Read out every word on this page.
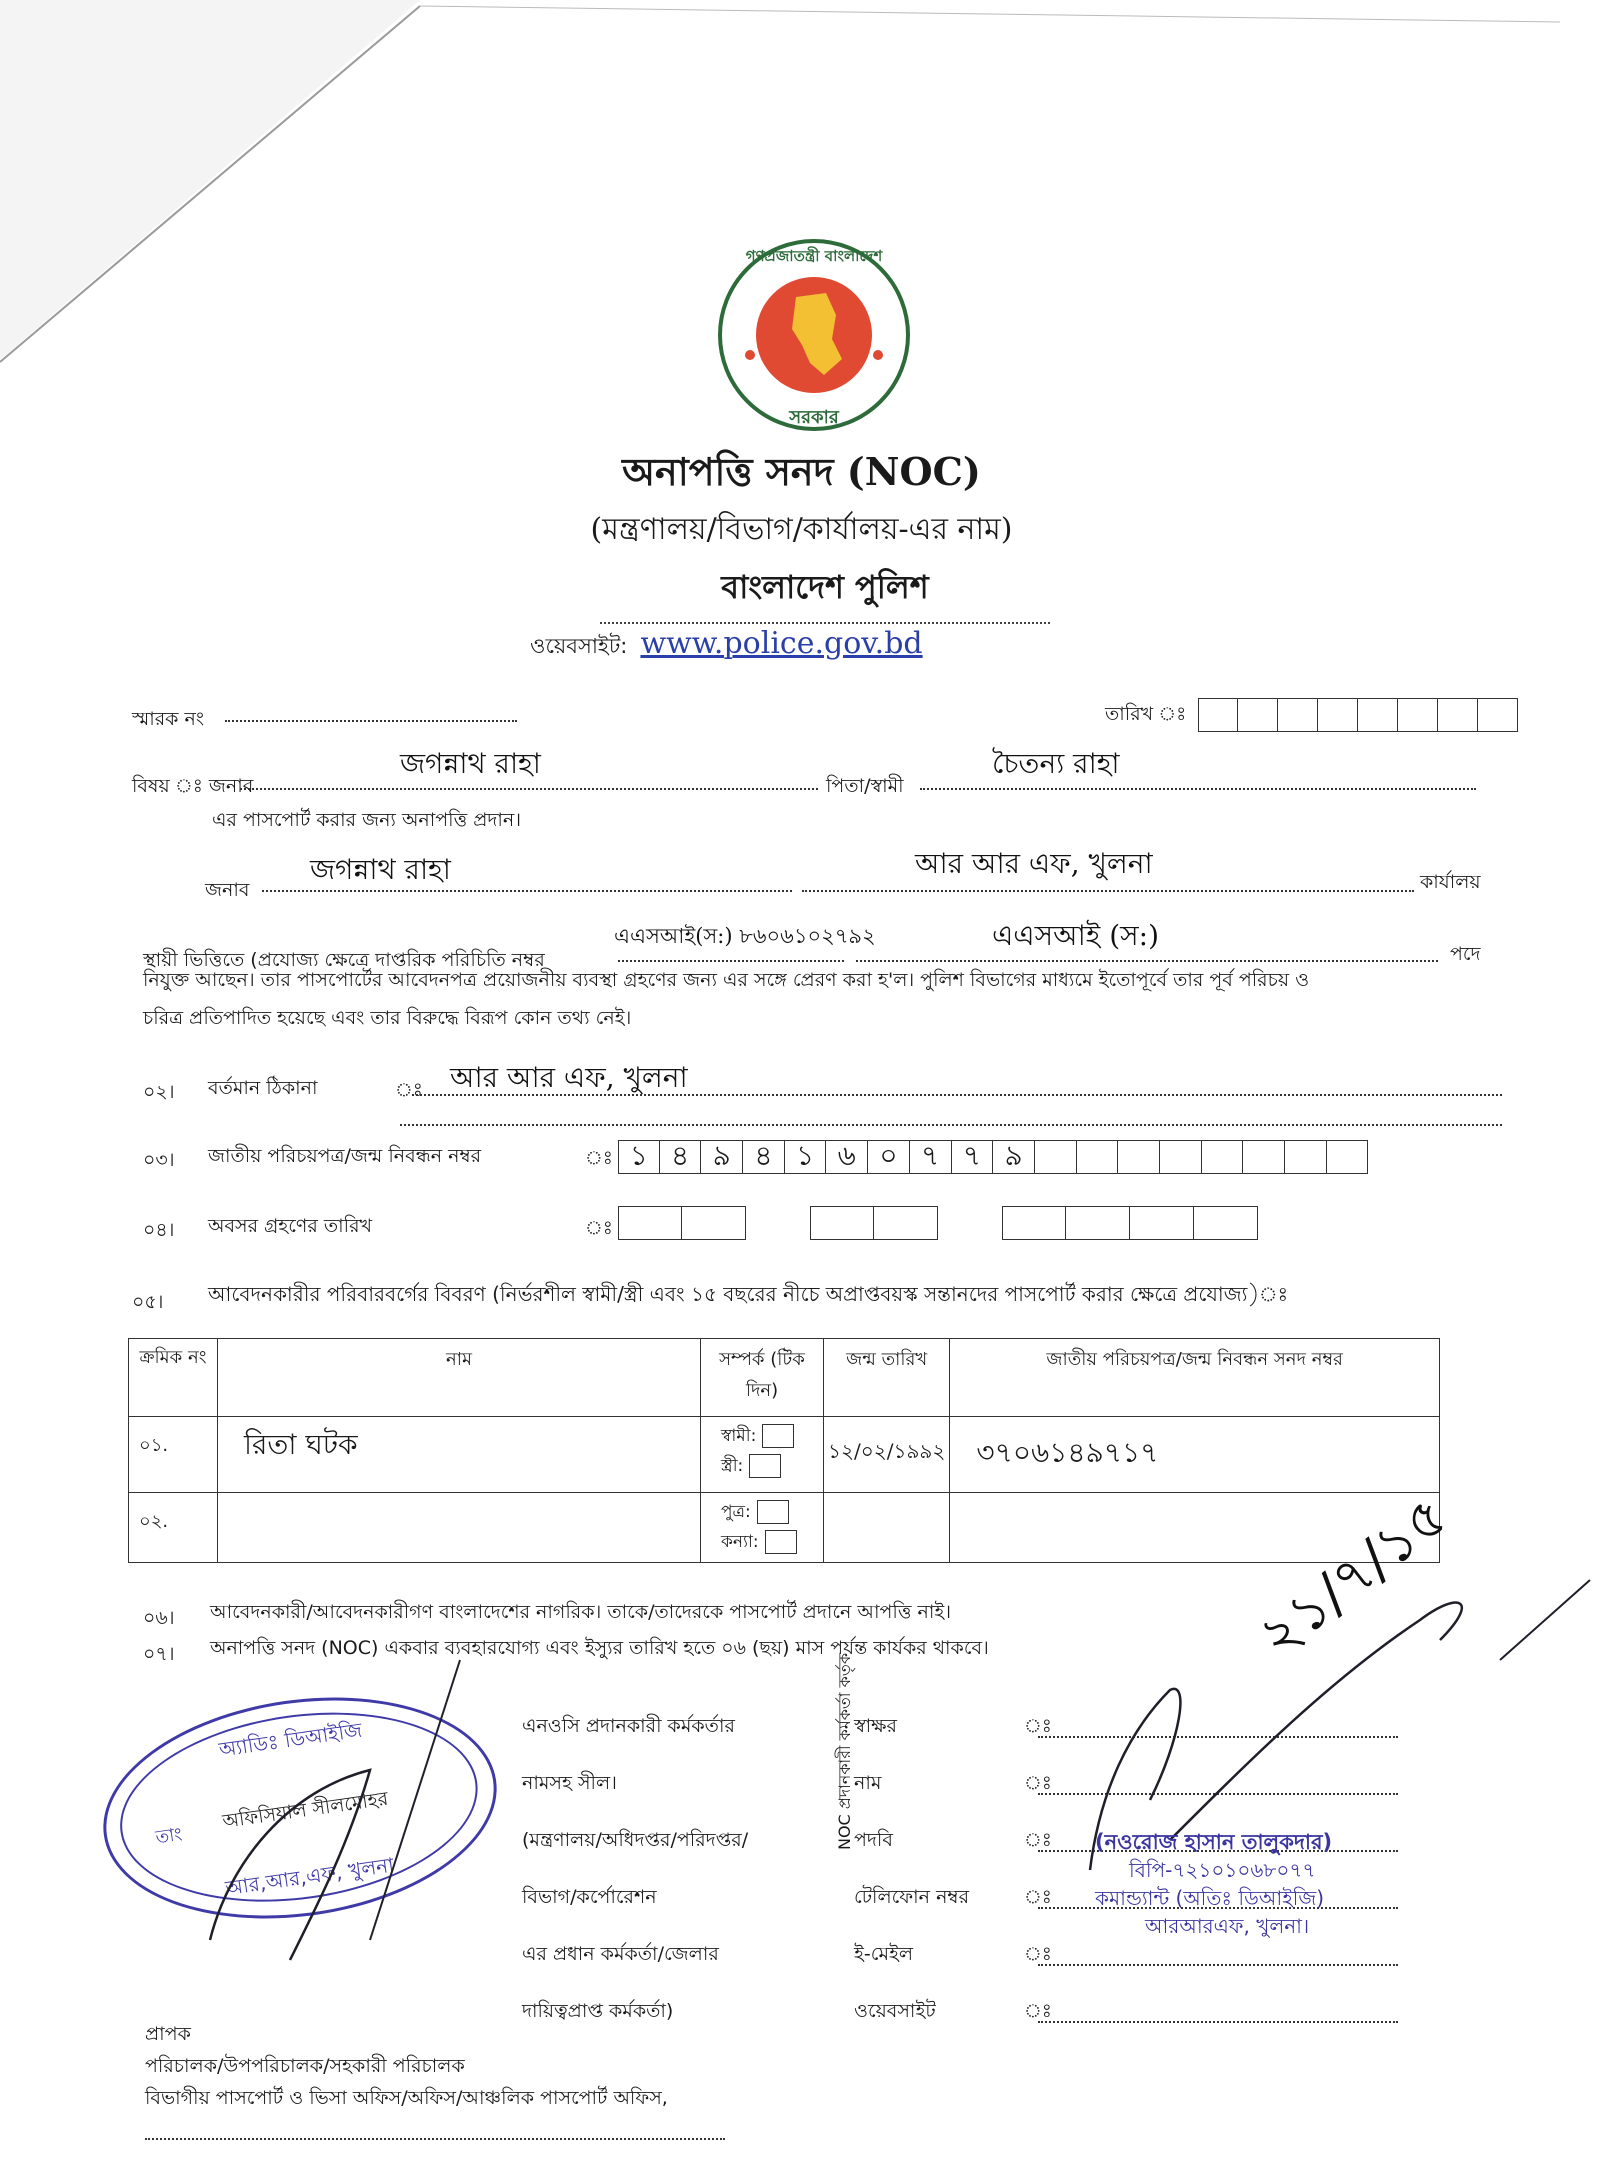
গণপ্রজাতন্ত্রী বাংলাদেশ
সরকার
অনাপত্তি সনদ (NOC)
(মন্ত্রণালয়/বিভাগ/কার্যালয়-এর নাম)
বাংলাদেশ পুলিশ
ওয়েবসাইট: www.police.gov.bd
স্মারক নং	তারিখ ঃ
বিষয় ঃ জনাব
জগন্নাথ রাহা
পিতা/স্বামী
চৈতন্য রাহা
এর পাসপোর্ট করার জন্য অনাপত্তি প্রদান।
জনাব
জগন্নাথ রাহা	আর আর এফ, খুলনা
কার্যালয়
স্থায়ী ভিত্তিতে (প্রযোজ্য ক্ষেত্রে দাপ্তরিক পরিচিতি নম্বর
এএসআই(স:) ৮৬০৬১০২৭৯২	এএসআই (স:)
পদে
নিযুক্ত আছেন। তার পাসপোর্টের আবেদনপত্র প্রয়োজনীয় ব্যবস্থা গ্রহণের জন্য এর সঙ্গে প্রেরণ করা হ'ল। পুলিশ বিভাগের মাধ্যমে ইতোপূর্বে তার পূর্ব পরিচয় ও
চরিত্র প্রতিপাদিত হয়েছে এবং তার বিরুদ্ধে বিরূপ কোন তথ্য নেই।
০২। বর্তমান ঠিকানা	ঃ আর আর এফ, খুলনা
০৩। জাতীয় পরিচয়পত্র/জন্ম নিবন্ধন নম্বর	ঃ ১ ৪ ৯ ৪ ১ ৬ ০ ৭ ৭ ৯
০৪। অবসর গ্রহণের তারিখ	ঃ
০৫। আবেদনকারীর পরিবারবর্গের বিবরণ (নির্ভরশীল স্বামী/স্ত্রী এবং ১৫ বছরের নীচে অপ্রাপ্তবয়স্ক সন্তানদের পাসপোর্ট করার ক্ষেত্রে প্রযোজ্য)ঃ
ক্রমিক নং	নাম	সম্পর্ক (টিক দিন)	জন্ম তারিখ	জাতীয় পরিচয়পত্র/জন্ম নিবন্ধন সনদ নম্বর
০১.	রিতা ঘটক	স্বামী:
স্ত্রী:	১২/০২/১৯৯২	৩৭০৬১৪৯৭১৭
০২.		পুত্র:
কন্যা:		

০৬। আবেদনকারী/আবেদনকারীগণ বাংলাদেশের নাগরিক। তাকে/তাদেরকে পাসপোর্ট প্রদানে আপত্তি নাই।
০৭। অনাপত্তি সনদ (NOC) একবার ব্যবহারযোগ্য এবং ইস্যুর তারিখ হতে ০৬ (ছয়) মাস পর্যন্ত কার্যকর থাকবে।
এনওসি প্রদানকারী কর্মকর্তার
নামসহ সীল।
(মন্ত্রণালয়/অধিদপ্তর/পরিদপ্তর/
বিভাগ/কর্পোরেশন
এর প্রধান কর্মকর্তা/জেলার
দায়িত্বপ্রাপ্ত কর্মকর্তা)
NOC প্রদানকারী কর্মকর্তা কর্তৃক স্বাক্ষর	ঃ
নাম	ঃ
পদবি	ঃ
টেলিফোন নম্বর	ঃ
ই-মেইল	ঃ
ওয়েবসাইট	ঃ
অ্যাডিঃ ডিআইজি
তাং
অফিসিয়াল সীলমোহর
আর,আর,এফ, খুলনা
২১/৭/১৫
(নওরোজ হাসান তালুকদার)
বিপি-৭২১০১০৬৮০৭৭
কমান্ড্যান্ট (অতিঃ ডিআইজি)
আরআরএফ, খুলনা।
প্রাপক
পরিচালক/উপপরিচালক/সহকারী পরিচালক
বিভাগীয় পাসপোর্ট ও ভিসা অফিস/অফিস/আঞ্চলিক পাসপোর্ট অফিস,
